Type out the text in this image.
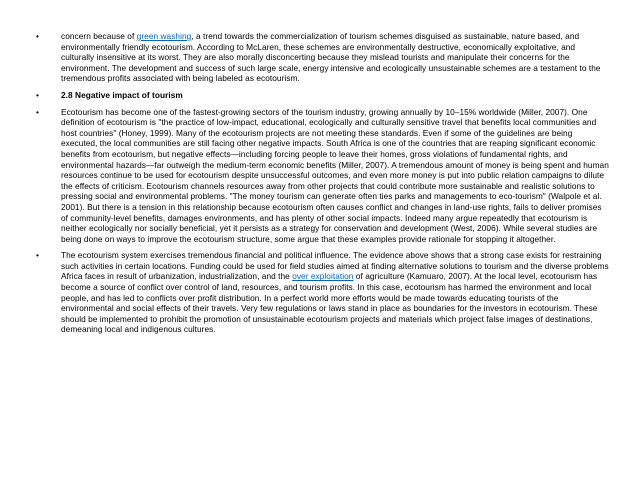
•	concern because of green washing, a trend towards the commercialization of tourism schemes disguised as sustainable, nature based, and environmentally friendly ecotourism. According to McLaren, these schemes are environmentally destructive, economically exploitative, and culturally insensitive at its worst. They are also morally disconcerting because they mislead tourists and manipulate their concerns for the environment. The development and success of such large scale, energy intensive and ecologically unsustainable schemes are a testament to the tremendous profits associated with being labeled as ecotourism.
•	2.8 Negative impact of tourism
•	Ecotourism has become one of the fastest-growing sectors of the tourism industry, growing annually by 10–15% worldwide (Miller, 2007). One definition of ecotourism is "the practice of low-impact, educational, ecologically and culturally sensitive travel that benefits local communities and host countries" (Honey, 1999). Many of the ecotourism projects are not meeting these standards. Even if some of the guidelines are being executed, the local communities are still facing other negative impacts. South Africa is one of the countries that are reaping significant economic benefits from ecotourism, but negative effects—including forcing people to leave their homes, gross violations of fundamental rights, and environmental hazards—far outweigh the medium-term economic benefits (Miller, 2007). A tremendous amount of money is being spent and human resources continue to be used for ecotourism despite unsuccessful outcomes, and even more money is put into public relation campaigns to dilute the effects of criticism. Ecotourism channels resources away from other projects that could contribute more sustainable and realistic solutions to pressing social and environmental problems. "The money tourism can generate often ties parks and managements to eco-tourism" (Walpole et al. 2001). But there is a tension in this relationship because ecotourism often causes conflict and changes in land-use rights, fails to deliver promises of community-level benefits, damages environments, and has plenty of other social impacts. Indeed many argue repeatedly that ecotourism is neither ecologically nor socially beneficial, yet it persists as a strategy for conservation and development (West, 2006). While several studies are being done on ways to improve the ecotourism structure, some argue that these examples provide rationale for stopping it altogether.
•	The ecotourism system exercises tremendous financial and political influence. The evidence above shows that a strong case exists for restraining such activities in certain locations. Funding could be used for field studies aimed at finding alternative solutions to tourism and the diverse problems Africa faces in result of urbanization, industrialization, and the over exploitation of agriculture (Kamuaro, 2007). At the local level, ecotourism has become a source of conflict over control of land, resources, and tourism profits. In this case, ecotourism has harmed the environment and local people, and has led to conflicts over profit distribution. In a perfect world more efforts would be made towards educating tourists of the environmental and social effects of their travels. Very few regulations or laws stand in place as boundaries for the investors in ecotourism. These should be implemented to prohibit the promotion of unsustainable ecotourism projects and materials which project false images of destinations, demeaning local and indigenous cultures.
